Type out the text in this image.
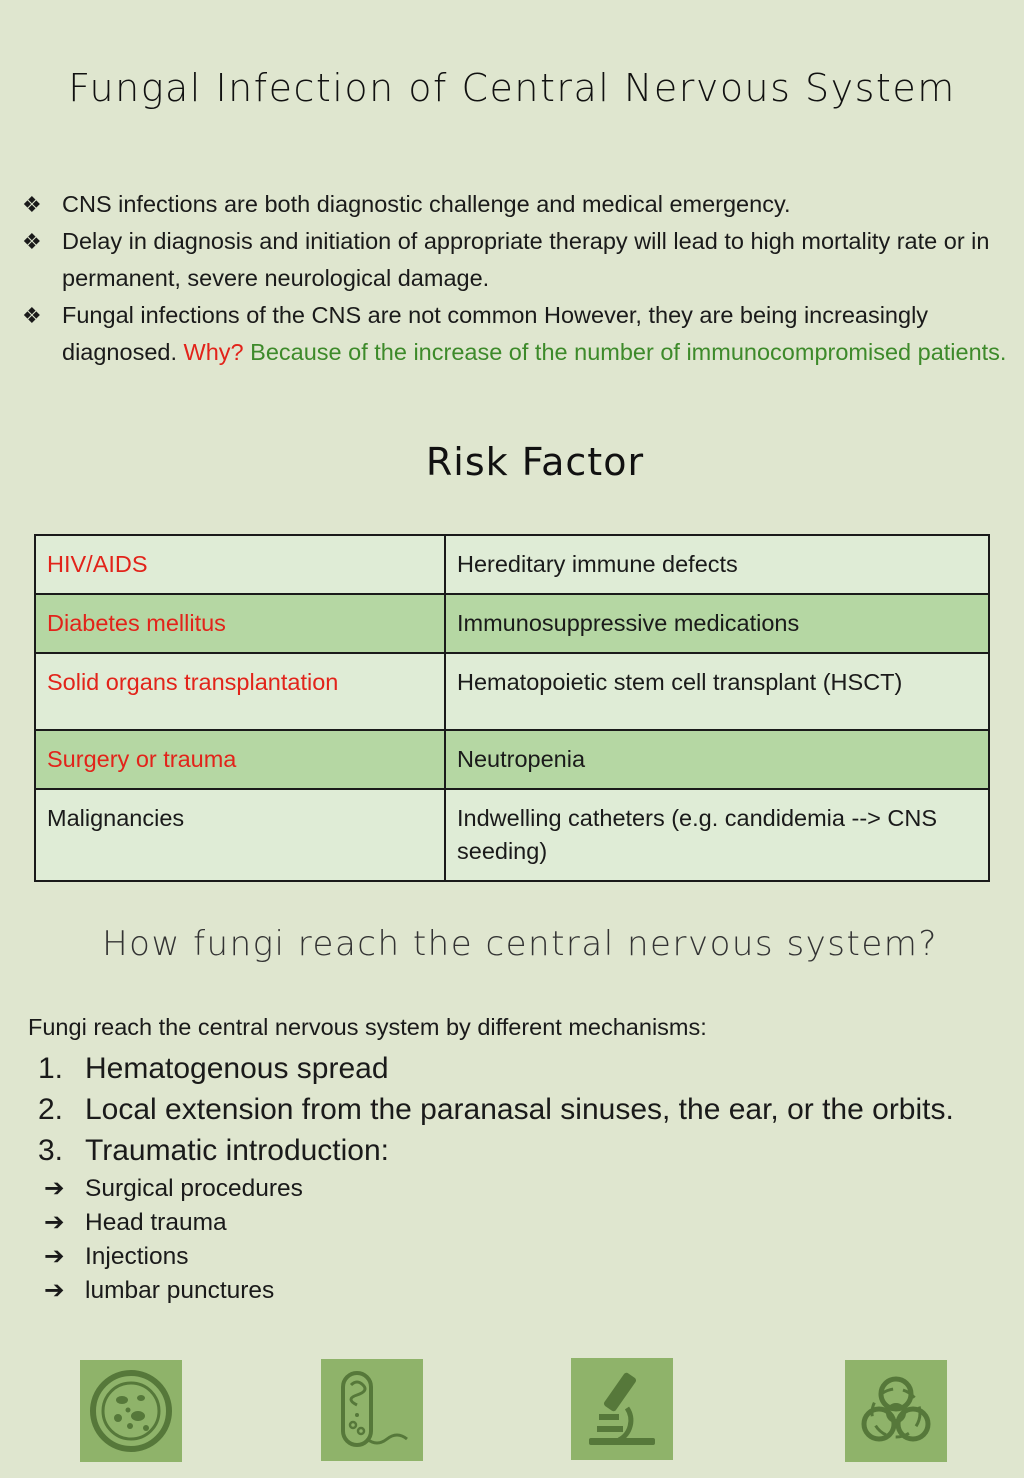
Fungal Infection of Central Nervous System
❖ CNS infections are both diagnostic challenge and medical emergency.
❖ Delay in diagnosis and initiation of appropriate therapy will lead to high mortality rate or in permanent, severe neurological damage.
❖ Fungal infections of the CNS are not common However, they are being increasingly diagnosed. Why? Because of the increase of the number of immunocompromised patients.
Risk Factor
HIV/AIDS	Hereditary immune defects
Diabetes mellitus	Immunosuppressive medications
Solid organs transplantation	Hematopoietic stem cell transplant (HSCT)
Surgery or trauma	Neutropenia
Malignancies	Indwelling catheters (e.g. candidemia --> CNS seeding)
How fungi reach the central nervous system?
Fungi reach the central nervous system by different mechanisms:
1. Hematogenous spread
2. Local extension from the paranasal sinuses, the ear, or the orbits.
3. Traumatic introduction:
➔ Surgical procedures
➔ Head trauma
➔ Injections
➔ lumbar punctures
